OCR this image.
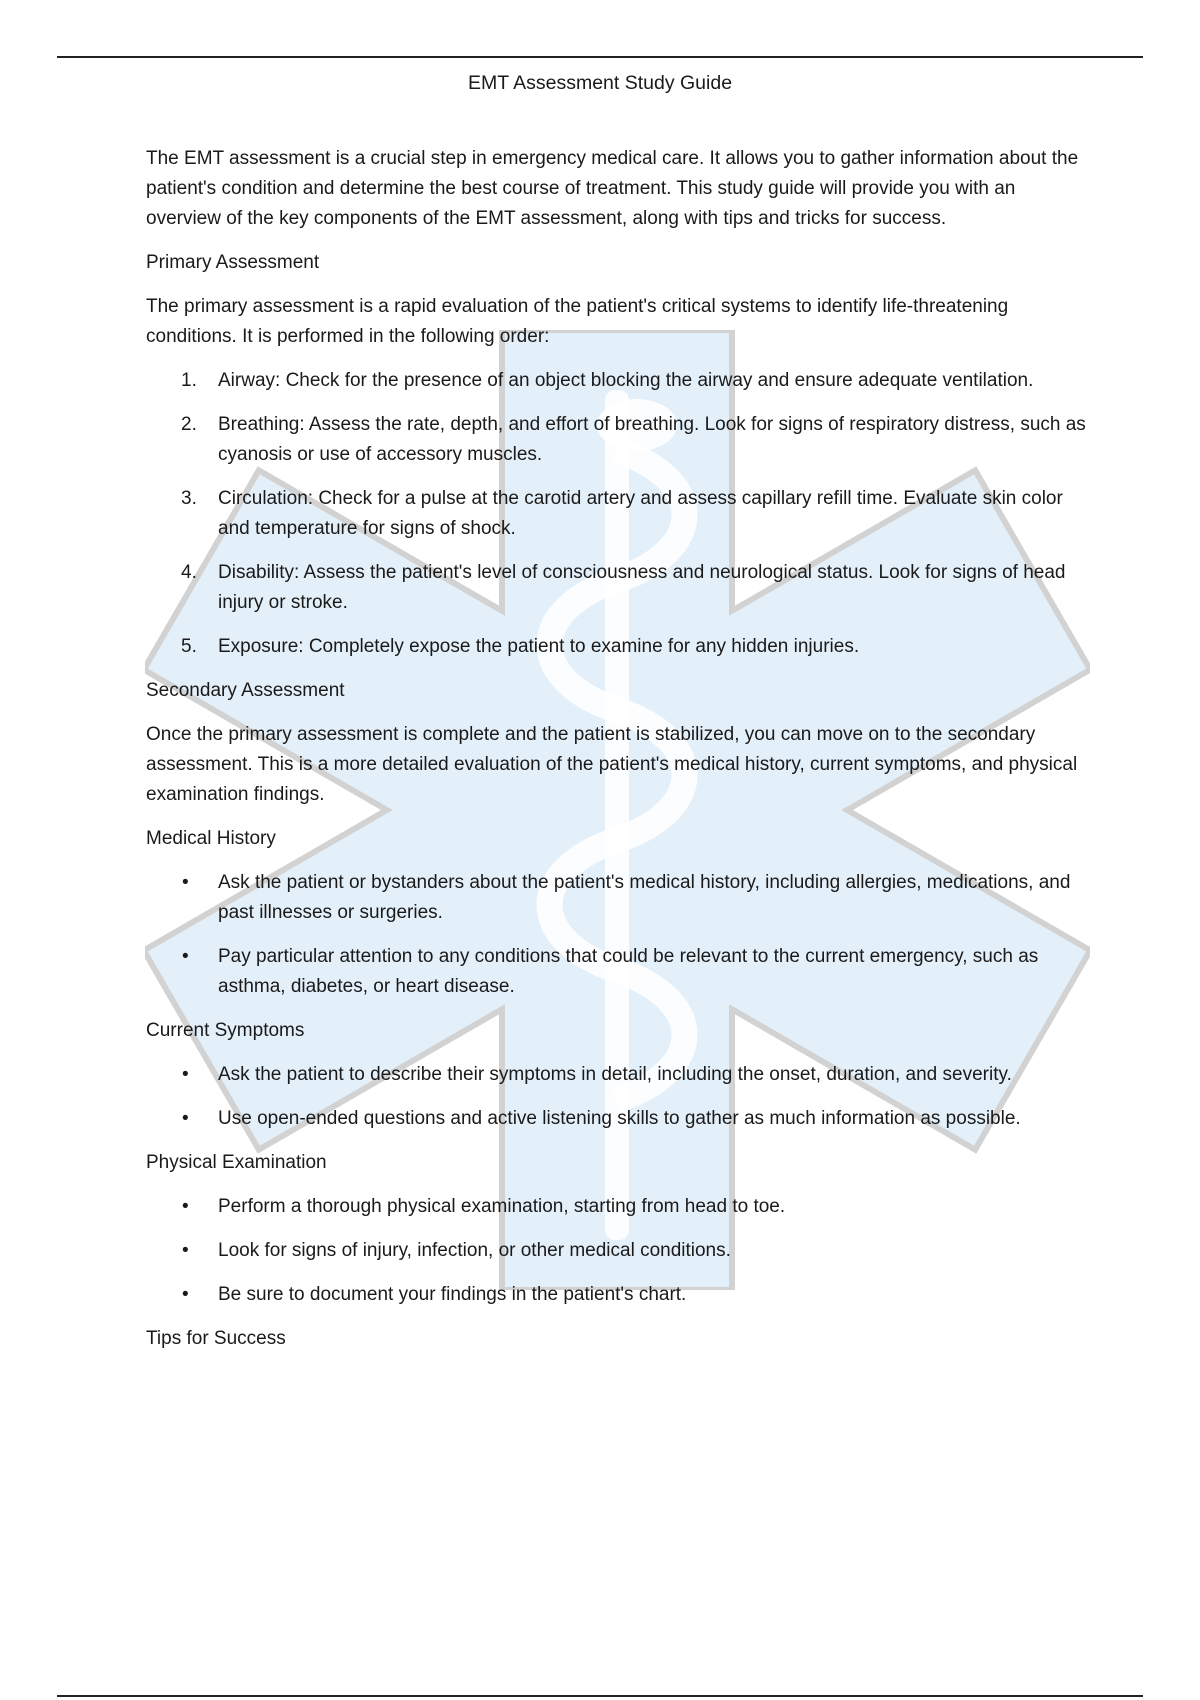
EMT Assessment Study Guide

The EMT assessment is a crucial step in emergency medical care. It allows you to gather information about the patient's condition and determine the best course of treatment. This study guide will provide you with an overview of the key components of the EMT assessment, along with tips and tricks for success.

Primary Assessment

The primary assessment is a rapid evaluation of the patient's critical systems to identify life-threatening conditions. It is performed in the following order:

1. Airway: Check for the presence of an object blocking the airway and ensure adequate ventilation.
2. Breathing: Assess the rate, depth, and effort of breathing. Look for signs of respiratory distress, such as cyanosis or use of accessory muscles.
3. Circulation: Check for a pulse at the carotid artery and assess capillary refill time. Evaluate skin color and temperature for signs of shock.
4. Disability: Assess the patient's level of consciousness and neurological status. Look for signs of head injury or stroke.
5. Exposure: Completely expose the patient to examine for any hidden injuries.
Secondary Assessment

Once the primary assessment is complete and the patient is stabilized, you can move on to the secondary assessment. This is a more detailed evaluation of the patient's medical history, current symptoms, and physical examination findings.

Medical History
• Ask the patient or bystanders about the patient's medical history, including allergies, medications, and past illnesses or surgeries.
• Pay particular attention to any conditions that could be relevant to the current emergency, such as asthma, diabetes, or heart disease.
Current Symptoms
• Ask the patient to describe their symptoms in detail, including the onset, duration, and severity.
• Use open-ended questions and active listening skills to gather as much information as possible.
Physical Examination
• Perform a thorough physical examination, starting from head to toe.
• Look for signs of injury, infection, or other medical conditions.
• Be sure to document your findings in the patient's chart.
Tips for Success
